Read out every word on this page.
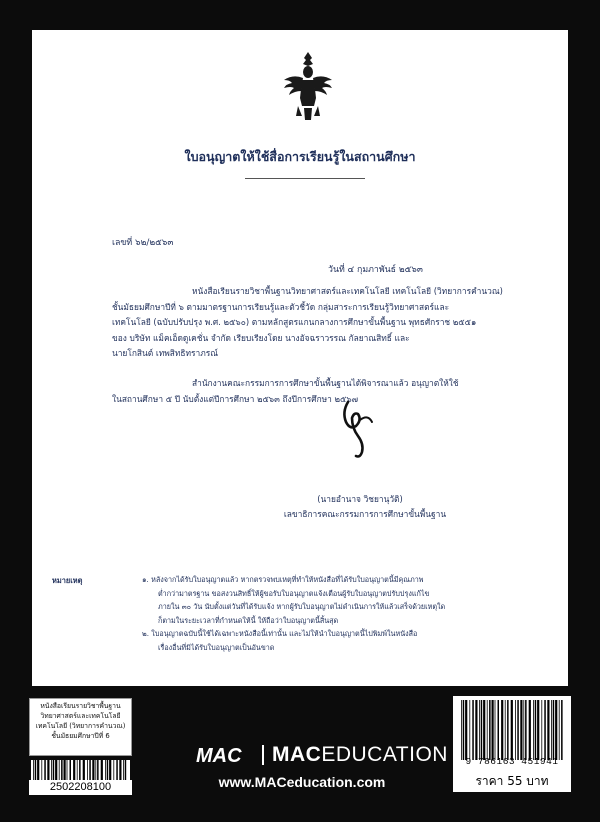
ใบอนุญาตให้ใช้สื่อการเรียนรู้ในสถานศึกษา
เลขที่ ๖๒/๒๕๖๓
วันที่ ๔ กุมภาพันธ์ ๒๕๖๓
หนังสือเรียนรายวิชาพื้นฐานวิทยาศาสตร์และเทคโนโลยี เทคโนโลยี (วิทยาการคำนวณ)
ชั้นมัธยมศึกษาปีที่ ๖ ตามมาตรฐานการเรียนรู้และตัวชี้วัด กลุ่มสาระการเรียนรู้วิทยาศาสตร์และ
เทคโนโลยี (ฉบับปรับปรุง พ.ศ. ๒๕๖๐) ตามหลักสูตรแกนกลางการศึกษาขั้นพื้นฐาน พุทธศักราช ๒๕๕๑
ของ บริษัท แม็คเอ็ดดูเคชั่น จำกัด เรียบเรียงโดย นางอัจฉราวรรณ กัลยาณสิทธิ์ และ
นายโกสินต์ เทพสิทธิทราภรณ์
สำนักงานคณะกรรมการการศึกษาขั้นพื้นฐานได้พิจารณาแล้ว อนุญาตให้ใช้
ในสถานศึกษา ๕ ปี นับตั้งแต่ปีการศึกษา ๒๕๖๓ ถึงปีการศึกษา ๒๕๖๗
(นายอำนาจ วิชยานุวัติ)
เลขาธิการคณะกรรมการการศึกษาขั้นพื้นฐาน
หมายเหตุ	๑. หลังจากได้รับใบอนุญาตแล้ว หากตรวจพบเหตุที่ทำให้หนังสือที่ได้รับใบอนุญาตนี้มีคุณภาพ
ต่ำกว่ามาตรฐาน ขอสงวนสิทธิ์ให้ผู้ขอรับใบอนุญาตแจ้งเตือนผู้รับใบอนุญาตปรับปรุงแก้ไข
ภายใน ๓๐ วัน นับตั้งแต่วันที่ได้รับแจ้ง หากผู้รับใบอนุญาตไม่ดำเนินการให้แล้วเสร็จด้วยเหตุใด
ก็ตามในระยะเวลาที่กำหนดให้นี้ ให้ถือว่าใบอนุญาตนี้สิ้นสุด
๒. ใบอนุญาตฉบับนี้ใช้ได้เฉพาะหนังสือนี้เท่านั้น และไม่ให้นำใบอนุญาตนี้ไปพิมพ์ในหนังสือ
เรื่องอื่นที่มิได้รับใบอนุญาตเป็นอันขาด
หนังสือเรียนรายวิชาพื้นฐาน
วิทยาศาสตร์และเทคโนโลยี
เทคโนโลยี (วิทยาการคำนวณ)
ชั้นมัธยมศึกษาปีที่ 6
2502208100
MAC MACEDUCATION
www.MACeducation.com
9 786163 451941
ราคา 55 บาท
